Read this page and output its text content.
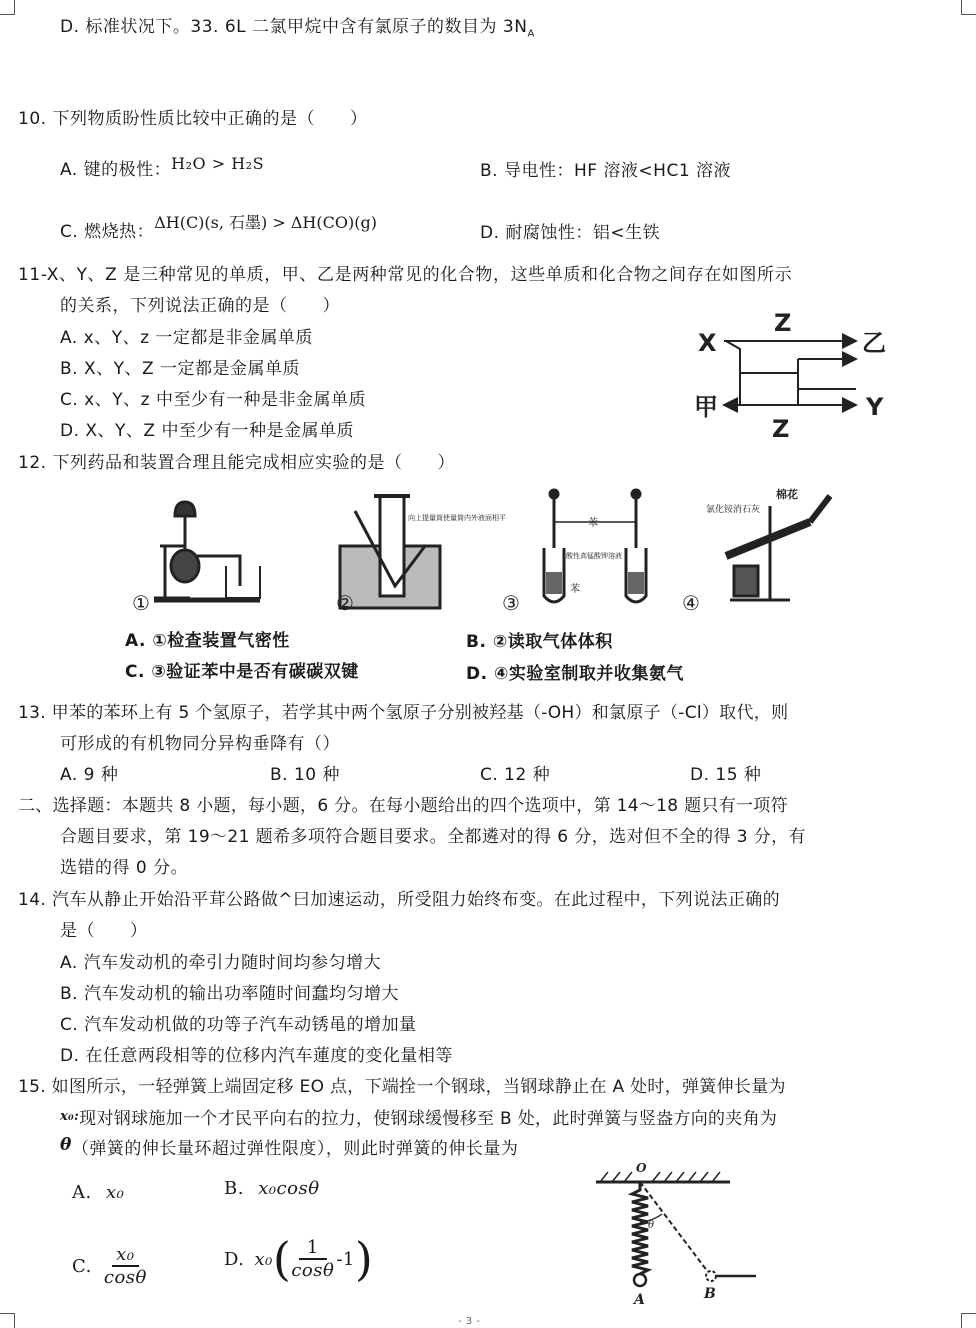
D. 标准状况下。33. 6L 二氯甲烷中含有氯原子的数目为 $3N_A$
10. 下列物质盼性质比较中正确的是（　　）
A. 键的极性：H₂O > H₂S	B. 导电性：HF 溶液<HC1 溶液
C. 燃烧热：ΔH(C)(s, 石墨) > ΔH(CO)(g)
D. 耐腐蚀性：铝<生铁
11-X、Y、Z 是三种常见的单质，甲、乙是两种常见的化合物，这些单质和化合物之间存在如图所示
的关系，下列说法正确的是（　　）
A. x、Y、z 一定都是非金属单质
B. X、Y、Z 一定都是金属单质
C. x、Y、z 中至少有一种是非金属单质
D. X、Y、Z 中至少有一种是金属单质
X
Z
乙
甲
Z
Y
12. 下列药品和装置合理且能完成相应实验的是（　　）
①	②
向上提量筒使量筒内外液面相平
③
苯
酸性高锰酸钾溶液
苯
④
氯化铵消石灰
棉花
A. ①检查装置气密性	B. ②读取气体体积
C. ③验证苯中是否有碳碳双键	D. ④实验室制取并收集氨气
13. 甲苯的苯环上有 5 个氢原子，若学其中两个氢原子分别被羟基（-OH）和氯原子（-Cl）取代，则
可形成的有机物同分异构垂降有（）
A. 9 种	B. 10 种	C. 12 种	D. 15 种
二、选择题：本题共 8 小题，每小题，6 分。在每小题给出的四个选项中，第 14～18 题只有一项符
合题目要求，第 19～21 题希多项符合题目要求。全都遴对的得 6 分，选对但不全的得 3 分，有
选错的得 0 分。
14. 汽车从静止开始沿平茸公路做^曰加速运动，所受阻力始终布变。在此过程中，下列说法正确的
是（　　）
A. 汽车发动机的牵引力随时间均参匀增大
B. 汽车发动机的输出功率随时间蠢均匀增大
C. 汽车发动机做的功等子汽车动锈黾的增加量
D. 在任意两段相等的位移内汽车蓮度的变化量相等
15. 如图所示，一轻弹簧上端固定移 EO 点，下端拴一个钢球，当钢球静止在 A 处时，弹簧伸长量为
$^{x_0:}$现对钢球施加一个才民平向右的拉力，使钢球缓慢移至 B 处，此时弹簧与竖盎方向的夹角为
θ（弹簧的伸长量环超过弹性限度），则此时弹簧的伸长量为
A. x₀	B. x₀cosθ
C. $\frac{\text{x₀}}{\cos\theta}$	D. x₀ ( $\frac{1}{\cos\theta} -1$ )
O
θ
A	B
- 3 -
